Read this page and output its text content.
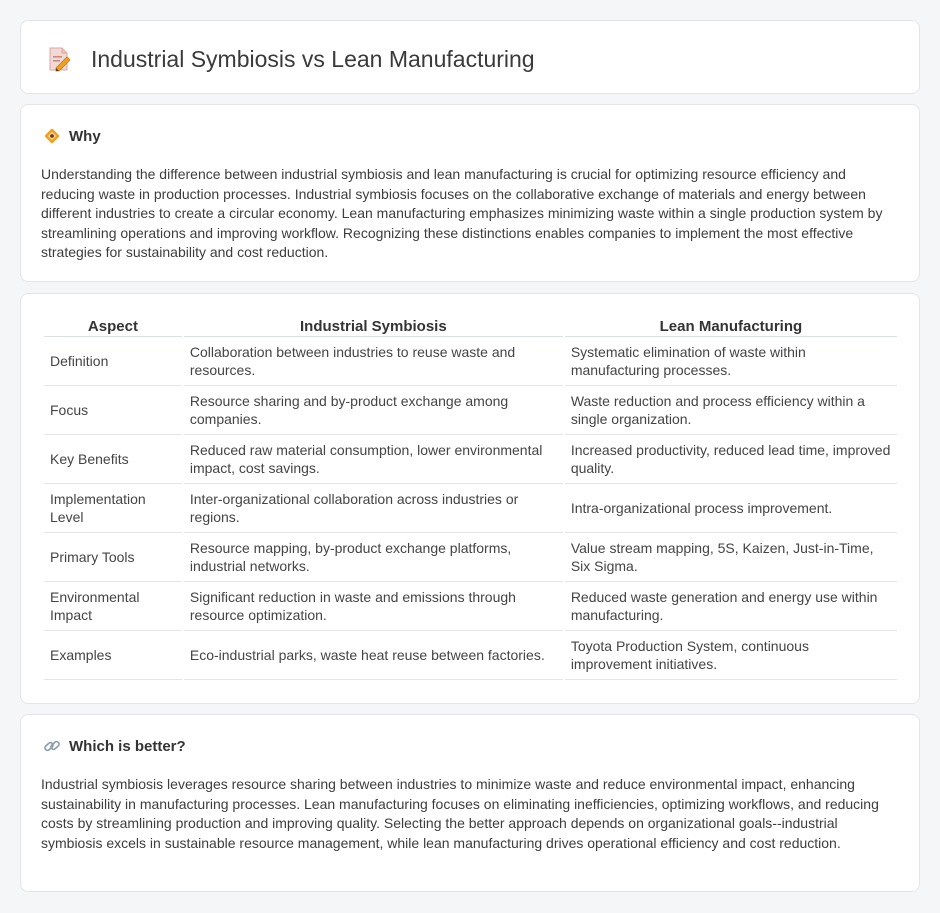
Industrial Symbiosis vs Lean Manufacturing
Why

Understanding the difference between industrial symbiosis and lean manufacturing is crucial for optimizing resource efficiency and reducing waste in production processes. Industrial symbiosis focuses on the collaborative exchange of materials and energy between different industries to create a circular economy. Lean manufacturing emphasizes minimizing waste within a single production system by streamlining operations and improving workflow. Recognizing these distinctions enables companies to implement the most effective strategies for sustainability and cost reduction.

Aspect	Industrial Symbiosis	Lean Manufacturing
Definition	Collaboration between industries to reuse waste and resources.	Systematic elimination of waste within manufacturing processes.
Focus	Resource sharing and by-product exchange among companies.	Waste reduction and process efficiency within a single organization.
Key Benefits	Reduced raw material consumption, lower environmental impact, cost savings.	Increased productivity, reduced lead time, improved quality.
Implementation Level	Inter-organizational collaboration across industries or regions.	Intra-organizational process improvement.
Primary Tools	Resource mapping, by-product exchange platforms, industrial networks.	Value stream mapping, 5S, Kaizen, Just-in-Time, Six Sigma.
Environmental Impact	Significant reduction in waste and emissions through resource optimization.	Reduced waste generation and energy use within manufacturing.
Examples	Eco-industrial parks, waste heat reuse between factories.	Toyota Production System, continuous improvement initiatives.
Which is better?

Industrial symbiosis leverages resource sharing between industries to minimize waste and reduce environmental impact, enhancing sustainability in manufacturing processes. Lean manufacturing focuses on eliminating inefficiencies, optimizing workflows, and reducing costs by streamlining production and improving quality. Selecting the better approach depends on organizational goals--industrial symbiosis excels in sustainable resource management, while lean manufacturing drives operational efficiency and cost reduction.
